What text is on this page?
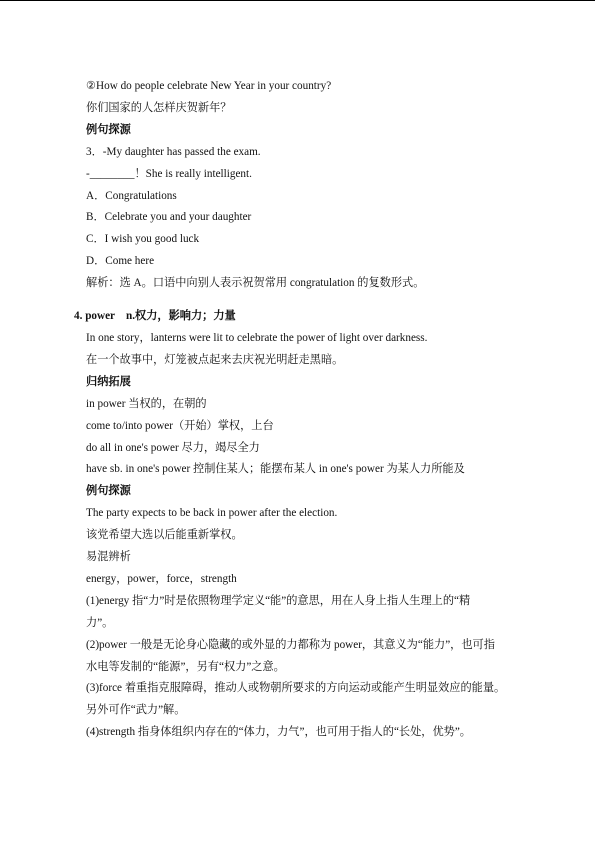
②How do people celebrate New Year in your country?
你们国家的人怎样庆贺新年？
例句探源
3．-My daughter has passed the exam.
-________！She is really intelligent.
A．Congratulations
B．Celebrate you and your daughter
C．I wish you good luck
D．Come here
解析：选 A。口语中向别人表示祝贺常用 congratulation 的复数形式。
4. power　n.权力，影响力；力量
In one story，lanterns were lit to celebrate the power of light over darkness.
在一个故事中，灯笼被点起来去庆祝光明赶走黑暗。
归纳拓展
in power 当权的，在朝的
come to/into power（开始）掌权，上台
do all in one's power 尽力，竭尽全力
have sb. in one's power 控制住某人；能摆布某人 in one's power 为某人力所能及
例句探源
The party expects to be back in power after the election.
该党希望大选以后能重新掌权。
易混辨析
energy，power，force，strength
(1)energy 指“力”时是依照物理学定义“能”的意思，用在人身上指人生理上的“精
力”。
(2)power 一般是无论身心隐藏的或外显的力都称为 power，其意义为“能力”，也可指
水电等发制的“能源”，另有“权力”之意。
(3)force 着重指克服障碍，推动人或物朝所要求的方向运动或能产生明显效应的能量。
另外可作“武力”解。
(4)strength 指身体组织内存在的“体力，力气”，也可用于指人的“长处，优势”。
